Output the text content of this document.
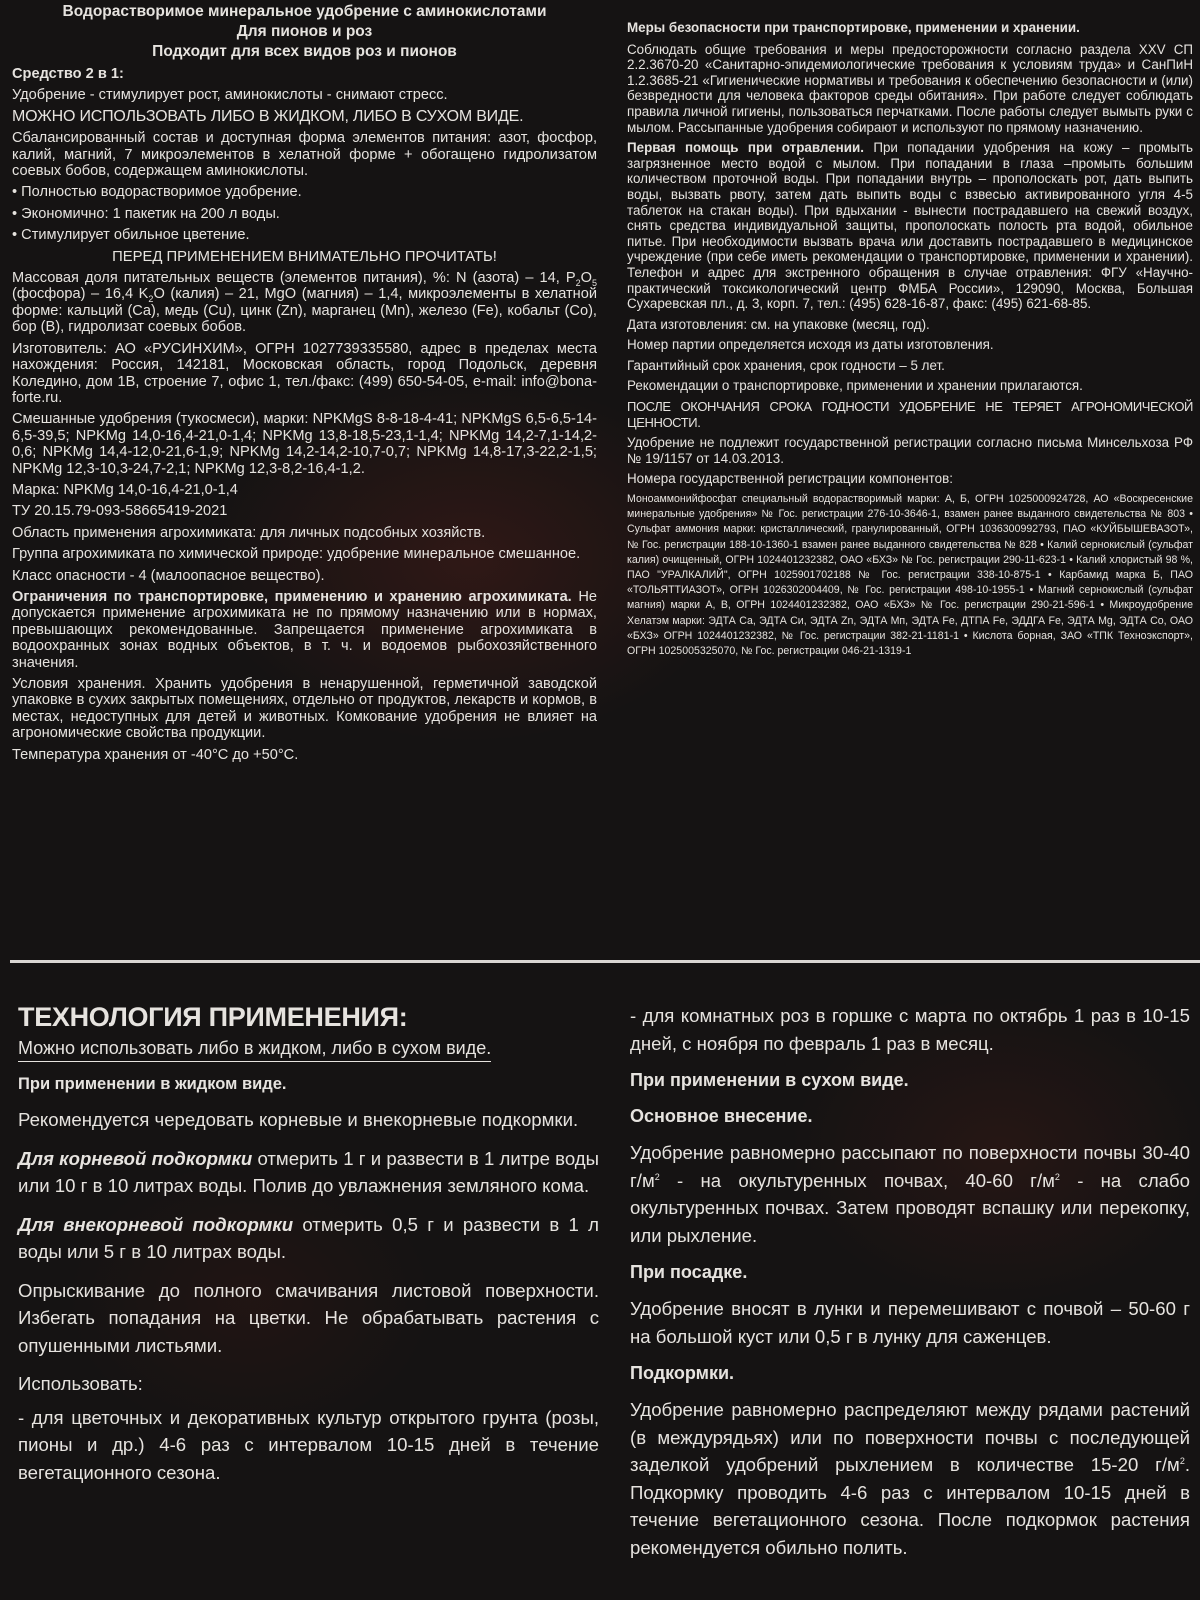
Водорастворимое минеральное удобрение с аминокислотами
Для пионов и роз
Подходит для всех видов роз и пионов

Средство 2 в 1:

Удобрение - стимулирует рост, аминокислоты - снимают стресс.

МОЖНО ИСПОЛЬЗОВАТЬ ЛИБО В ЖИДКОМ, ЛИБО В СУХОМ ВИДЕ.

Сбалансированный состав и доступная форма элементов питания: азот, фосфор, калий, магний, 7 микроэлементов в хелатной форме + обогащено гидролизатом соевых бобов, содержащем аминокислоты.

• Полностью водорастворимое удобрение.

• Экономично: 1 пакетик на 200 л воды.

• Стимулирует обильное цветение.

ПЕРЕД ПРИМЕНЕНИЕМ ВНИМАТЕЛЬНО ПРОЧИТАТЬ!

Массовая доля питательных веществ (элементов питания), %: N (азота) – 14, $P_2O_5$ (фосфора) – 16,4 $K_2O$ (калия) – 21, MgO (магния) – 1,4, микроэлементы в хелатной форме: кальций (Ca), медь (Cu), цинк (Zn), марганец (Mn), железо (Fe), кобальт (Co), бор (B), гидролизат соевых бобов.

Изготовитель: АО «РУСИНХИМ», ОГРН 1027739335580, адрес в пределах места нахождения: Россия, 142181, Московская область, город Подольск, деревня Коледино, дом 1В, строение 7, офис 1, тел./факс: (499) 650-54-05, e-mail: info@bona-forte.ru.

Смешанные удобрения (тукосмеси), марки: NPKMgS 8-8-18-4-41; NPKMgS 6,5-6,5-14-6,5-39,5; NPKMg 14,0-16,4-21,0-1,4; NPKMg 13,8-18,5-23,1-1,4; NPKMg 14,2-7,1-14,2-0,6; NPKMg 14,4-12,0-21,6-1,9; NPKMg 14,2-14,2-10,7-0,7; NPKMg 14,8-17,3-22,2-1,5; NPKMg 12,3-10,3-24,7-2,1; NPKMg 12,3-8,2-16,4-1,2.

Марка: NPKMg 14,0-16,4-21,0-1,4

ТУ 20.15.79-093-58665419-2021

Область применения агрохимиката: для личных подсобных хозяйств.

Группа агрохимиката по химической природе: удобрение минеральное смешанное.

Класс опасности - 4 (малоопасное вещество).

Ограничения по транспортировке, применению и хранению агрохимиката. Не допускается применение агрохимиката не по прямому назначению или в нормах, превышающих рекомендованные. Запрещается применение агрохимиката в водоохранных зонах водных объектов, в т. ч. и водоемов рыбохозяйственного значения.

Условия хранения. Хранить удобрения в ненарушенной, герметичной заводской упаковке в сухих закрытых помещениях, отдельно от продуктов, лекарств и кормов, в местах, недоступных для детей и животных. Комкование удобрения не влияет на агрономические свойства продукции.

Температура хранения от -40°С до +50°С.

Меры безопасности при транспортировке, применении и хранении.

Соблюдать общие требования и меры предосторожности согласно раздела XXV СП 2.2.3670-20 «Санитарно-эпидемиологические требования к условиям труда» и СанПиН 1.2.3685-21 «Гигиенические нормативы и требования к обеспечению безопасности и (или) безвредности для человека факторов среды обитания». При работе следует соблюдать правила личной гигиены, пользоваться перчатками. После работы следует вымыть руки с мылом. Рассыпанные удобрения собирают и используют по прямому назначению.

Первая помощь при отравлении. При попадании удобрения на кожу – промыть загрязненное место водой с мылом. При попадании в глаза –промыть большим количеством проточной воды. При попадании внутрь – прополоскать рот, дать выпить воды, вызвать рвоту, затем дать выпить воды с взвесью активированного угля 4-5 таблеток на стакан воды). При вдыхании - вынести пострадавшего на свежий воздух, снять средства индивидуальной защиты, прополоскать полость рта водой, обильное питье. При необходимости вызвать врача или доставить пострадавшего в медицинское учреждение (при себе иметь рекомендации о транспортировке, применении и хранении). Телефон и адрес для экстренного обращения в случае отравления: ФГУ «Научно-практический токсикологический центр ФМБА России», 129090, Москва, Большая Сухаревская пл., д. 3, корп. 7, тел.: (495) 628-16-87, факс: (495) 621-68-85.

Дата изготовления: см. на упаковке (месяц, год).

Номер партии определяется исходя из даты изготовления.

Гарантийный срок хранения, срок годности – 5 лет.

Рекомендации о транспортировке, применении и хранении прилагаются.

ПОСЛЕ ОКОНЧАНИЯ СРОКА ГОДНОСТИ УДОБРЕНИЕ НЕ ТЕРЯЕТ АГРОНОМИЧЕСКОЙ ЦЕННОСТИ.

Удобрение не подлежит государственной регистрации согласно письма Минсельхоза РФ № 19/1157 от 14.03.2013.

Номера государственной регистрации компонентов:

Моноаммонийфосфат специальный водорастворимый марки: А, Б, ОГРН 1025000924728, АО «Воскресенские минеральные удобрения» № Гос. регистрации 276-10-3646-1, взамен ранее выданного свидетельства № 803 • Сульфат аммония марки: кристаллический, гранулированный, ОГРН 1036300992793, ПАО «КУЙБЫШЕВАЗОТ», № Гос. регистрации 188-10-1360-1 взамен ранее выданного свидетельства № 828 • Калий сернокислый (сульфат калия) очищенный, ОГРН 1024401232382, ОАО «БХЗ» № Гос. регистрации 290-11-623-1 • Калий хлористый 98 %, ПАО "УРАЛКАЛИЙ", ОГРН 1025901702188 № Гос. регистрации 338-10-875-1 • Карбамид марка Б, ПАО «ТОЛЬЯТТИАЗОТ», ОГРН 1026302004409, № Гос. регистрации 498-10-1955-1 • Магний сернокислый (сульфат магния) марки А, В, ОГРН 1024401232382, ОАО «БХЗ» № Гос. регистрации 290-21-596-1 • Микроудобрение Хелатэм марки: ЭДТА Са, ЭДТА Си, ЭДТА Zn, ЭДТА Мп, ЭДТА Fe, ДТПА Fe, ЭДДГА Fe, ЭДТА Mg, ЭДТА Со, ОАО «БХЗ» ОГРН 1024401232382, № Гос. регистрации 382-21-1181-1 • Кислота борная, ЗАО «ТПК Техноэкспорт», ОГРН 1025005325070, № Гос. регистрации 046-21-1319-1

ТЕХНОЛОГИЯ ПРИМЕНЕНИЯ:
Можно использовать либо в жидком, либо в сухом виде.
При применении в жидком виде.

Рекомендуется чередовать корневые и внекорневые подкормки.

Для корневой подкормки отмерить 1 г и развести в 1 литре воды или 10 г в 10 литрах воды. Полив до увлажнения земляного кома.

Для внекорневой подкормки отмерить 0,5 г и развести в 1 л воды или 5 г в 10 литрах воды.

Опрыскивание до полного смачивания листовой поверхности. Избегать попадания на цветки. Не обрабатывать растения с опушенными листьями.

Использовать:

- для цветочных и декоративных культур открытого грунта (розы, пионы и др.) 4-6 раз с интервалом 10-15 дней в течение вегетационного сезона.

- для комнатных роз в горшке с марта по октябрь 1 раз в 10-15 дней, с ноября по февраль 1 раз в месяц.

При применении в сухом виде.
Основное внесение.

Удобрение равномерно рассыпают по поверхности почвы 30-40 $г/м^2$ - на окультуренных почвах, 40-60 $г/м^2$ - на слабо окультуренных почвах. Затем проводят вспашку или перекопку, или рыхление.

При посадке.

Удобрение вносят в лунки и перемешивают с почвой – 50-60 г на большой куст или 0,5 г в лунку для саженцев.

Подкормки.

Удобрение равномерно распределяют между рядами растений (в междурядьях) или по поверхности почвы с последующей заделкой удобрений рыхлением в количестве 15-20 $г/м^2$. Подкормку проводить 4-6 раз с интервалом 10-15 дней в течение вегетационного сезона. После подкормок растения рекомендуется обильно полить.
